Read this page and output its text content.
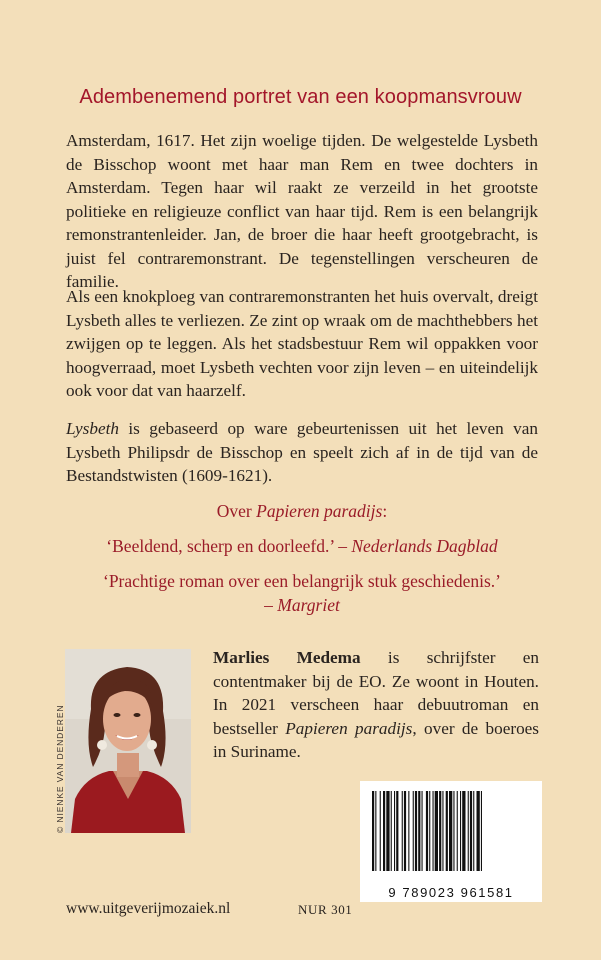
Adembenemend portret van een koopmansvrouw

Amsterdam, 1617. Het zijn woelige tijden. De welgestelde Lysbeth de Bisschop woont met haar man Rem en twee dochters in Amsterdam. Tegen haar wil raakt ze verzeild in het grootste politieke en religieuze conflict van haar tijd. Rem is een belangrijk remonstrantenleider. Jan, de broer die haar heeft grootgebracht, is juist fel contraremonstrant. De tegenstellingen verscheuren de familie.

Als een knokploeg van contraremonstranten het huis overvalt, dreigt Lysbeth alles te verliezen. Ze zint op wraak om de machthebbers het zwijgen op te leggen. Als het stadsbestuur Rem wil oppakken voor hoogverraad, moet Lysbeth vechten voor zijn leven – en uiteindelijk ook voor dat van haarzelf.

Lysbeth is gebaseerd op ware gebeurtenissen uit het leven van Lysbeth Philipsdr de Bisschop en speelt zich af in de tijd van de Bestandstwisten (1609-1621).

Over Papieren paradijs:
‘Beeldend, scherp en doorleefd.’ – Nederlands Dagblad
‘Prachtige roman over een belangrijk stuk geschiedenis.’
– Margriet
© NIENKE VAN DENDEREN

Marlies Medema is schrijfster en contentmaker bij de EO. Ze woont in Houten. In 2021 verscheen haar debuutroman en bestseller Papieren paradijs, over de boeroes in Suriname.

9 789023 961581
www.uitgeverijmozaiek.nl	NUR 301
